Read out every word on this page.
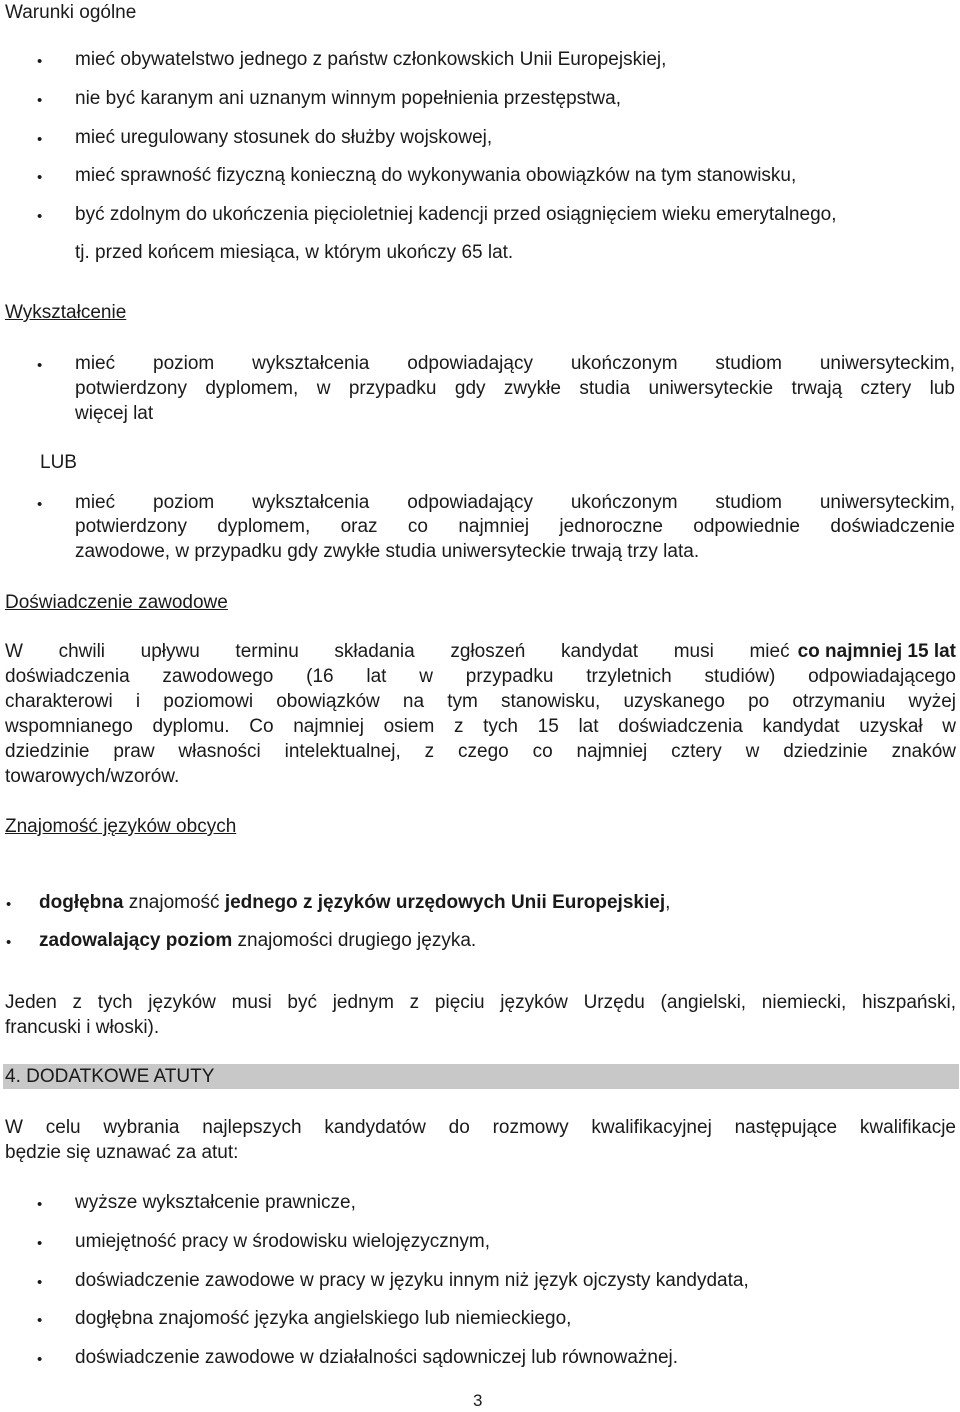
Warunki ogólne
• mieć obywatelstwo jednego z państw członkowskich Unii Europejskiej,
• nie być karanym ani uznanym winnym popełnienia przestępstwa,
• mieć uregulowany stosunek do służby wojskowej,
• mieć sprawność fizyczną konieczną do wykonywania obowiązków na tym stanowisku,
• być zdolnym do ukończenia pięcioletniej kadencji przed osiągnięciem wieku emerytalnego,
tj. przed końcem miesiąca, w którym ukończy 65 lat.
Wykształcenie
• mieć poziom wykształcenia odpowiadający ukończonym studiom uniwersyteckim,
potwierdzony dyplomem, w przypadku gdy zwykłe studia uniwersyteckie trwają cztery lub
więcej lat
LUB
• mieć poziom wykształcenia odpowiadający ukończonym studiom uniwersyteckim,
potwierdzony dyplomem, oraz co najmniej jednoroczne odpowiednie doświadczenie
zawodowe, w przypadku gdy zwykłe studia uniwersyteckie trwają trzy lata.
Doświadczenie zawodowe
W chwili upływu terminu składania zgłoszeń kandydat musi mieć co najmniej 15 lat
doświadczenia zawodowego (16 lat w przypadku trzyletnich studiów) odpowiadającego
charakterowi i poziomowi obowiązków na tym stanowisku, uzyskanego po otrzymaniu wyżej
wspomnianego dyplomu. Co najmniej osiem z tych 15 lat doświadczenia kandydat uzyskał w
dziedzinie praw własności intelektualnej, z czego co najmniej cztery w dziedzinie znaków
towarowych/wzorów.
Znajomość języków obcych
• dogłębna znajomość jednego z języków urzędowych Unii Europejskiej,
• zadowalający poziom znajomości drugiego języka.
Jeden z tych języków musi być jednym z pięciu języków Urzędu (angielski, niemiecki, hiszpański,
francuski i włoski).
4. DODATKOWE ATUTY
W celu wybrania najlepszych kandydatów do rozmowy kwalifikacyjnej następujące kwalifikacje
będzie się uznawać za atut:
• wyższe wykształcenie prawnicze,
• umiejętność pracy w środowisku wielojęzycznym,
• doświadczenie zawodowe w pracy w języku innym niż język ojczysty kandydata,
• dogłębna znajomość języka angielskiego lub niemieckiego,
• doświadczenie zawodowe w działalności sądowniczej lub równoważnej.
3
